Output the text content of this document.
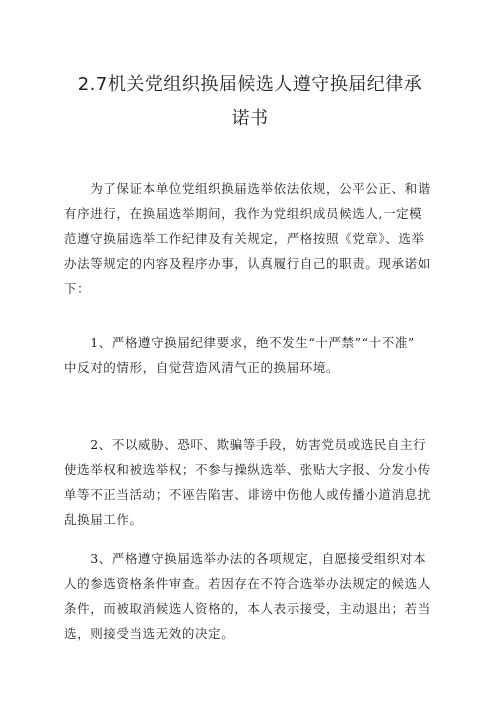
2.7机关党组织换届候选人遵守换届纪律承
诺书
　　为了保证本单位党组织换届选举依法依规，公平公正、和谐
有序进行，在换届选举期间，我作为党组织成员候选人,一定模
范遵守换届选举工作纪律及有关规定，严格按照《党章》、选举
办法等规定的内容及程序办事，认真履行自己的职责。现承诺如
下：
　　1、严格遵守换届纪律要求，绝不发生“十严禁”“十不准”
中反对的情形，自觉营造风清气正的换届环境。
　　2、不以威胁、恐吓、欺骗等手段，妨害党员或选民自主行
使选举权和被选举权；不参与操纵选举、张贴大字报、分发小传
单等不正当活动；不诬告陷害、诽谤中伤他人或传播小道消息扰
乱换届工作。
　　3、严格遵守换届选举办法的各项规定，自愿接受组织对本
人的参选资格条件审查。若因存在不符合选举办法规定的候选人
条件，而被取消候选人资格的，本人表示接受，主动退出；若当
选，则接受当选无效的决定。
